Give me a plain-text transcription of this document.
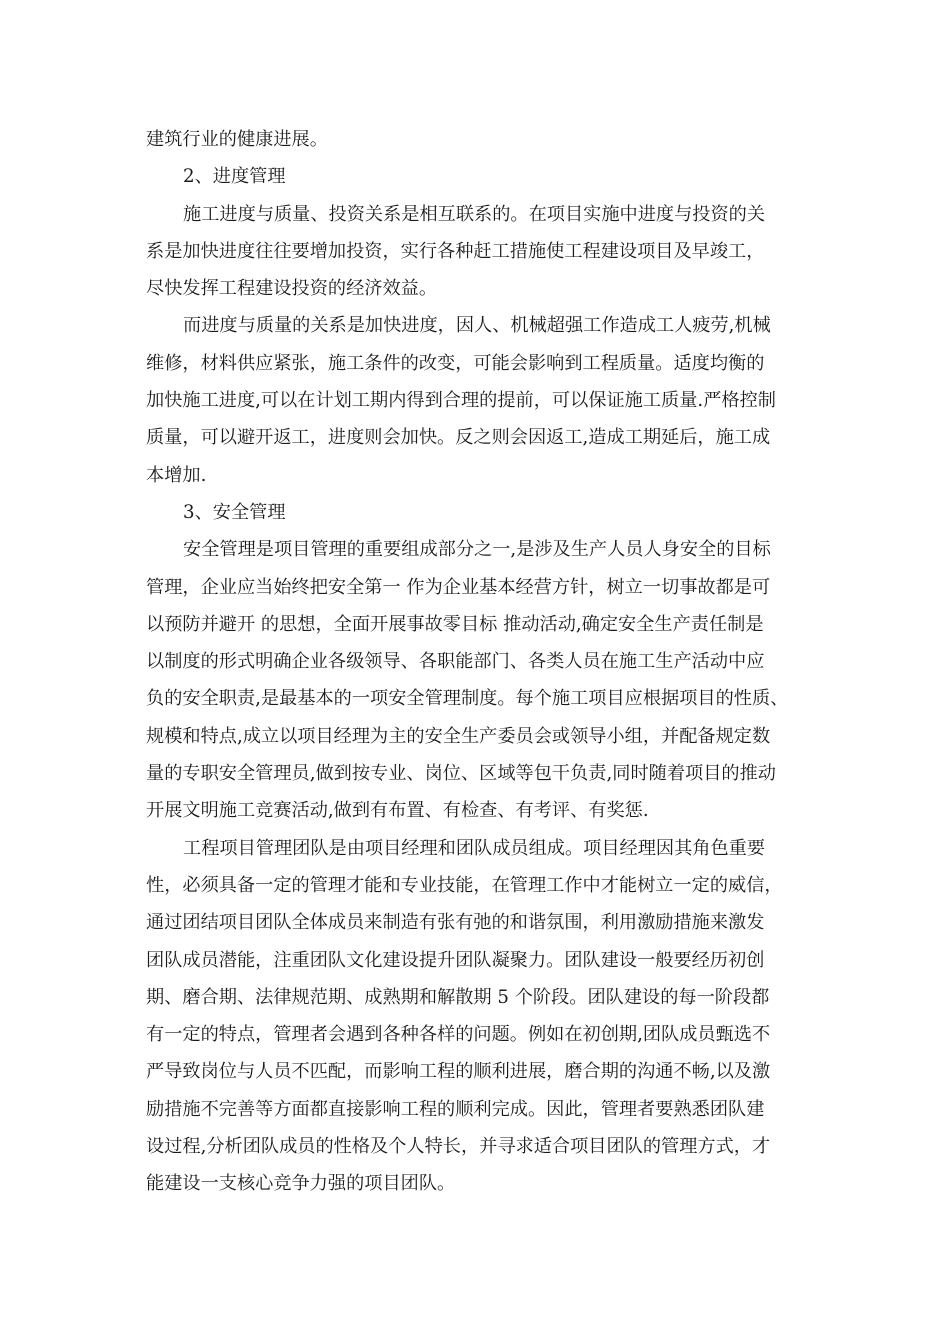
建筑行业的健康进展。
2、进度管理
施工进度与质量、投资关系是相互联系的。在项目实施中进度与投资的关
系是加快进度往往要增加投资，实行各种赶工措施使工程建设项目及早竣工，
尽快发挥工程建设投资的经济效益。
而进度与质量的关系是加快进度，因人、机械超强工作造成工人疲劳,机械
维修，材料供应紧张，施工条件的改变，可能会影响到工程质量。适度均衡的
加快施工进度,可以在计划工期内得到合理的提前，可以保证施工质量.严格控制
质量，可以避开返工，进度则会加快。反之则会因返工,造成工期延后，施工成
本增加.
3、安全管理
安全管理是项目管理的重要组成部分之一,是涉及生产人员人身安全的目标
管理，企业应当始终把安全第一 作为企业基本经营方针，树立一切事故都是可
以预防并避开 的思想，全面开展事故零目标 推动活动,确定安全生产责任制是
以制度的形式明确企业各级领导、各职能部门、各类人员在施工生产活动中应
负的安全职责,是最基本的一项安全管理制度。每个施工项目应根据项目的性质、
规模和特点,成立以项目经理为主的安全生产委员会或领导小组，并配备规定数
量的专职安全管理员,做到按专业、岗位、区域等包干负责,同时随着项目的推动
开展文明施工竞赛活动,做到有布置、有检查、有考评、有奖惩.
工程项目管理团队是由项目经理和团队成员组成。项目经理因其角色重要
性，必须具备一定的管理才能和专业技能，在管理工作中才能树立一定的威信，
通过团结项目团队全体成员来制造有张有弛的和谐氛围，利用激励措施来激发
团队成员潜能，注重团队文化建设提升团队凝聚力。团队建设一般要经历初创
期、磨合期、法律规范期、成熟期和解散期 5 个阶段。团队建设的每一阶段都
有一定的特点，管理者会遇到各种各样的问题。例如在初创期,团队成员甄选不
严导致岗位与人员不匹配，而影响工程的顺利进展，磨合期的沟通不畅,以及激
励措施不完善等方面都直接影响工程的顺利完成。因此，管理者要熟悉团队建
设过程,分析团队成员的性格及个人特长，并寻求适合项目团队的管理方式，才
能建设一支核心竞争力强的项目团队。
